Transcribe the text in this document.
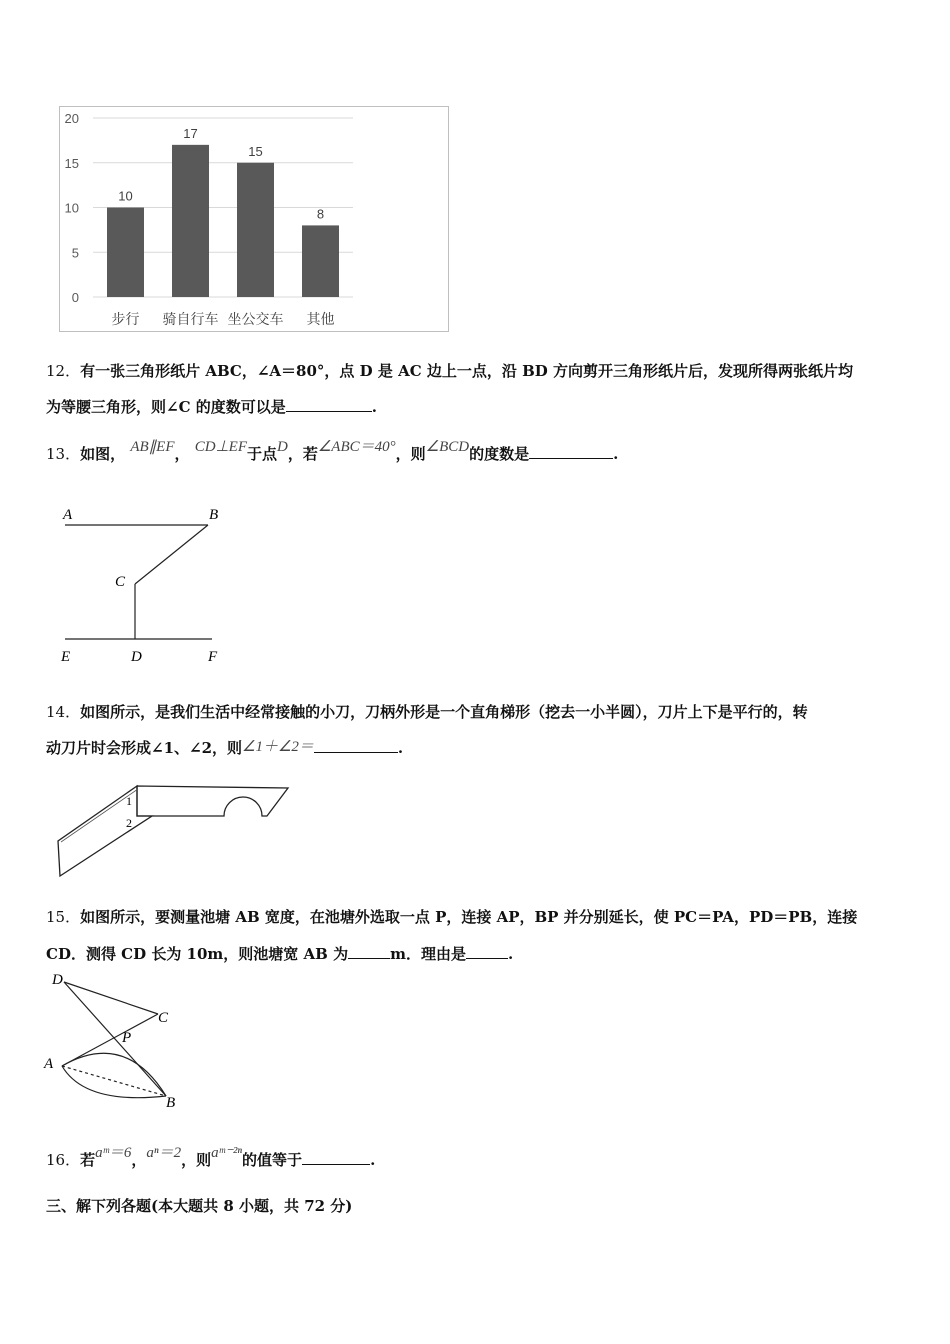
0
5
10
15
20
10
17
15
8
步行 骑自行车 坐公交车 其他
12．有一张三角形纸片 ABC，∠A＝80°，点 D 是 AC 边上一点，沿 BD 方向剪开三角形纸片后，发现所得两张纸片均
为等腰三角形，则∠C 的度数可以是	.
13．如图， AB∥EF， CD⊥EF于点D，若∠ABC＝40°，则∠BCD的度数是	.
A	B
C
E	D	F
14．如图所示，是我们生活中经常接触的小刀，刀柄外形是一个直角梯形（挖去一小半圆），刀片上下是平行的，转
动刀片时会形成∠1、∠2，则∠1＋∠2＝	.
1
2
15．如图所示，要测量池塘 AB 宽度，在池塘外选取一点 P，连接 AP，BP 并分别延长，使 PC＝PA，PD＝PB，连接
CD．测得 CD 长为 10m，则池塘宽 AB 为	m．理由是	.
D
C
P
A
B
16．若aᵐ＝6，aⁿ＝2，则aᵐ⁻²ⁿ的值等于	.
三、解下列各题(本大题共 8 小题，共 72 分)
